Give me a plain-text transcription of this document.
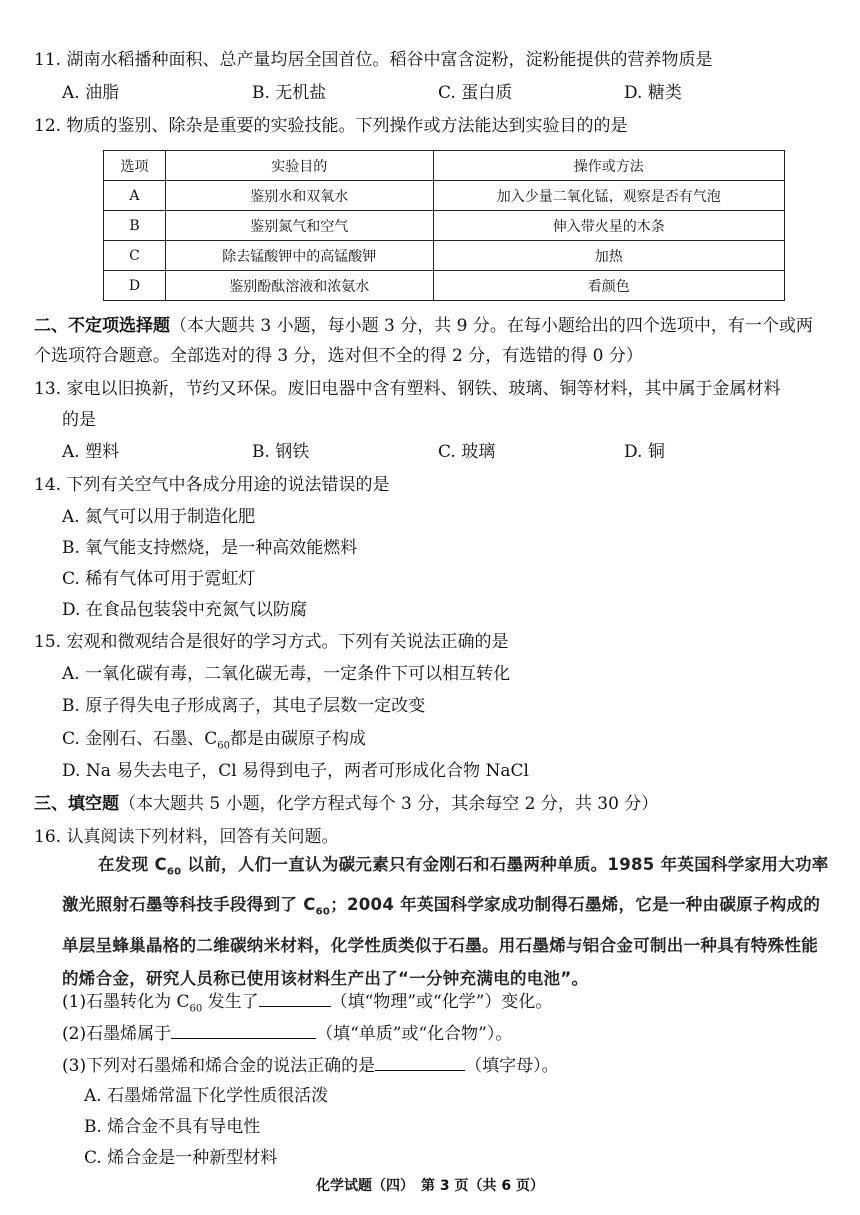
11. 湖南水稻播种面积、总产量均居全国首位。稻谷中富含淀粉，淀粉能提供的营养物质是
A. 油脂	B. 无机盐	C. 蛋白质	D. 糖类
12. 物质的鉴别、除杂是重要的实验技能。下列操作或方法能达到实验目的的是
选项	实验目的	操作或方法
A	鉴别水和双氧水	加入少量二氧化锰，观察是否有气泡
B	鉴别氮气和空气	伸入带火星的木条
C	除去锰酸钾中的高锰酸钾	加热
D	鉴别酚酞溶液和浓氨水	看颜色
二、不定项选择题（本大题共 3 小题，每小题 3 分，共 9 分。在每小题给出的四个选项中，有一个或两
个选项符合题意。全部选对的得 3 分，选对但不全的得 2 分，有选错的得 0 分）
13. 家电以旧换新，节约又环保。废旧电器中含有塑料、钢铁、玻璃、铜等材料，其中属于金属材料
的是
A. 塑料	B. 钢铁	C. 玻璃	D. 铜
14. 下列有关空气中各成分用途的说法错误的是
A. 氮气可以用于制造化肥
B. 氧气能支持燃烧，是一种高效能燃料
C. 稀有气体可用于霓虹灯
D. 在食品包装袋中充氮气以防腐
15. 宏观和微观结合是很好的学习方式。下列有关说法正确的是
A. 一氧化碳有毒，二氧化碳无毒，一定条件下可以相互转化
B. 原子得失电子形成离子，其电子层数一定改变
C. 金刚石、石墨、$C_{60}$都是由碳原子构成
D. Na 易失去电子，Cl 易得到电子，两者可形成化合物 NaCl
三、填空题（本大题共 5 小题，化学方程式每个 3 分，其余每空 2 分，共 30 分）
16. 认真阅读下列材料，回答有关问题。
在发现 $C_{60}$ 以前，人们一直认为碳元素只有金刚石和石墨两种单质。1985 年英国科学家用大功率激光照射石墨等科技手段得到了 $C_{60}$；2004 年英国科学家成功制得石墨烯，它是一种由碳原子构成的单层呈蜂巢晶格的二维碳纳米材料，化学性质类似于石墨。用石墨烯与铝合金可制出一种具有特殊性能的烯合金，研究人员称已使用该材料生产出了“一分钟充满电的电池”。
(1)石墨转化为 $C_{60}$ 发生了	（填“物理”或“化学”）变化。
(2)石墨烯属于	（填“单质”或“化合物”）。
(3)下列对石墨烯和烯合金的说法正确的是	（填字母）。
A. 石墨烯常温下化学性质很活泼
B. 烯合金不具有导电性
C. 烯合金是一种新型材料
化学试题（四）　第 3 页（共 6 页）
